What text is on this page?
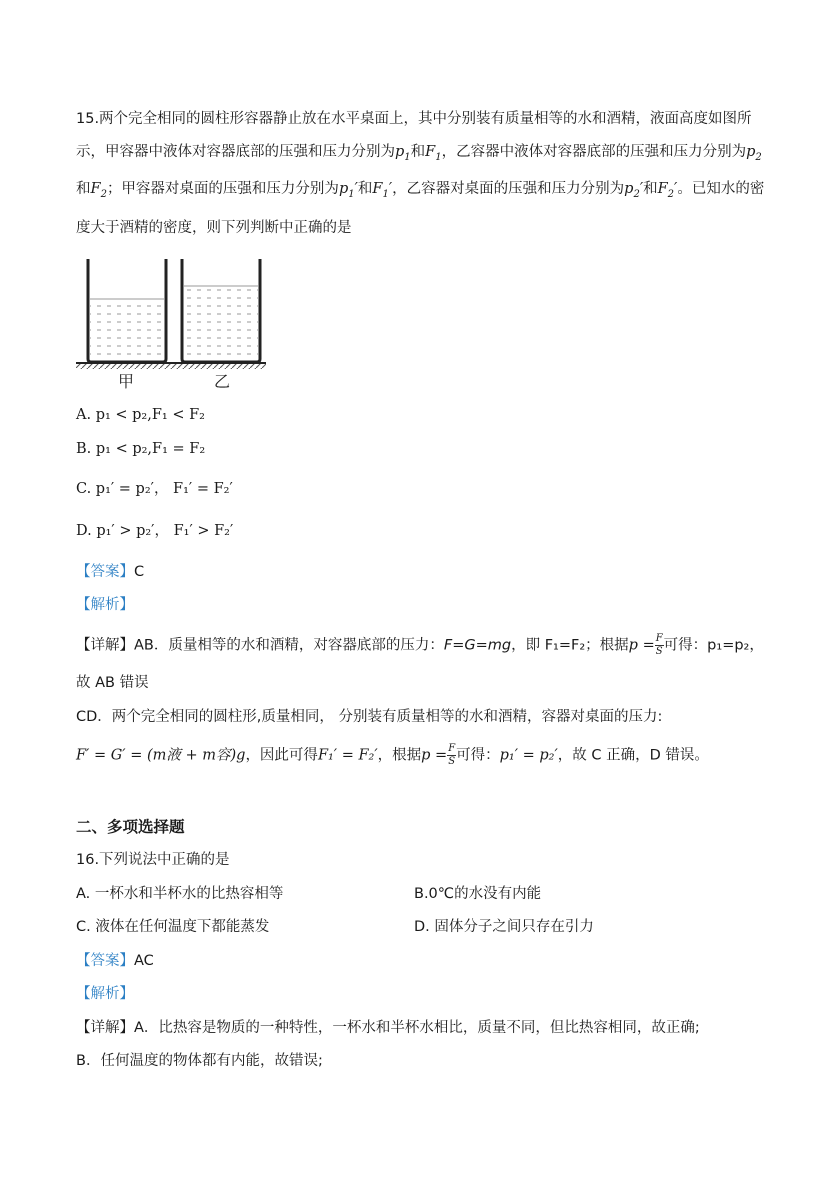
15.两个完全相同的圆柱形容器静止放在水平桌面上，其中分别装有质量相等的水和酒精，液面高度如图所
示，甲容器中液体对容器底部的压强和压力分别为$p_1$和$F_1$，乙容器中液体对容器底部的压强和压力分别为$p_2$
和$F_2$；甲容器对桌面的压强和压力分别为$p_1'$和$F_1'$，乙容器对桌面的压强和压力分别为$p_2'$和$F_2'$。已知水的密
度大于酒精的密度，则下列判断中正确的是
甲	乙
A. p₁ < p₂,F₁ < F₂
B. p₁ < p₂,F₁ = F₂
C. p₁′ = p₂′， F₁′ = F₂′
D. p₁′ > p₂′， F₁′ > F₂′
【答案】C
【解析】
【详解】AB．质量相等的水和酒精，对容器底部的压力：F=G=mg，即 F₁=F₂；根据$p = \frac{F}{S}$ 可得：p₁=p₂，
故 AB 错误
CD．两个完全相同的圆柱形,质量相同， 分别装有质量相等的水和酒精，容器对桌面的压力:
F′ = G′ = (m液 + m容)g，因此可得F₁′ = F₂′，根据$p = \frac{F}{S}$ 可得：p₁′ = p₂′，故 C 正确，D 错误。
二、多项选择题
16.下列说法中正确的是
A. 一杯水和半杯水的比热容相等	B.0℃的水没有内能
C. 液体在任何温度下都能蒸发	D. 固体分子之间只存在引力
【答案】AC
【解析】
【详解】A．比热容是物质的一种特性，一杯水和半杯水相比，质量不同，但比热容相同，故正确;
B．任何温度的物体都有内能，故错误;
